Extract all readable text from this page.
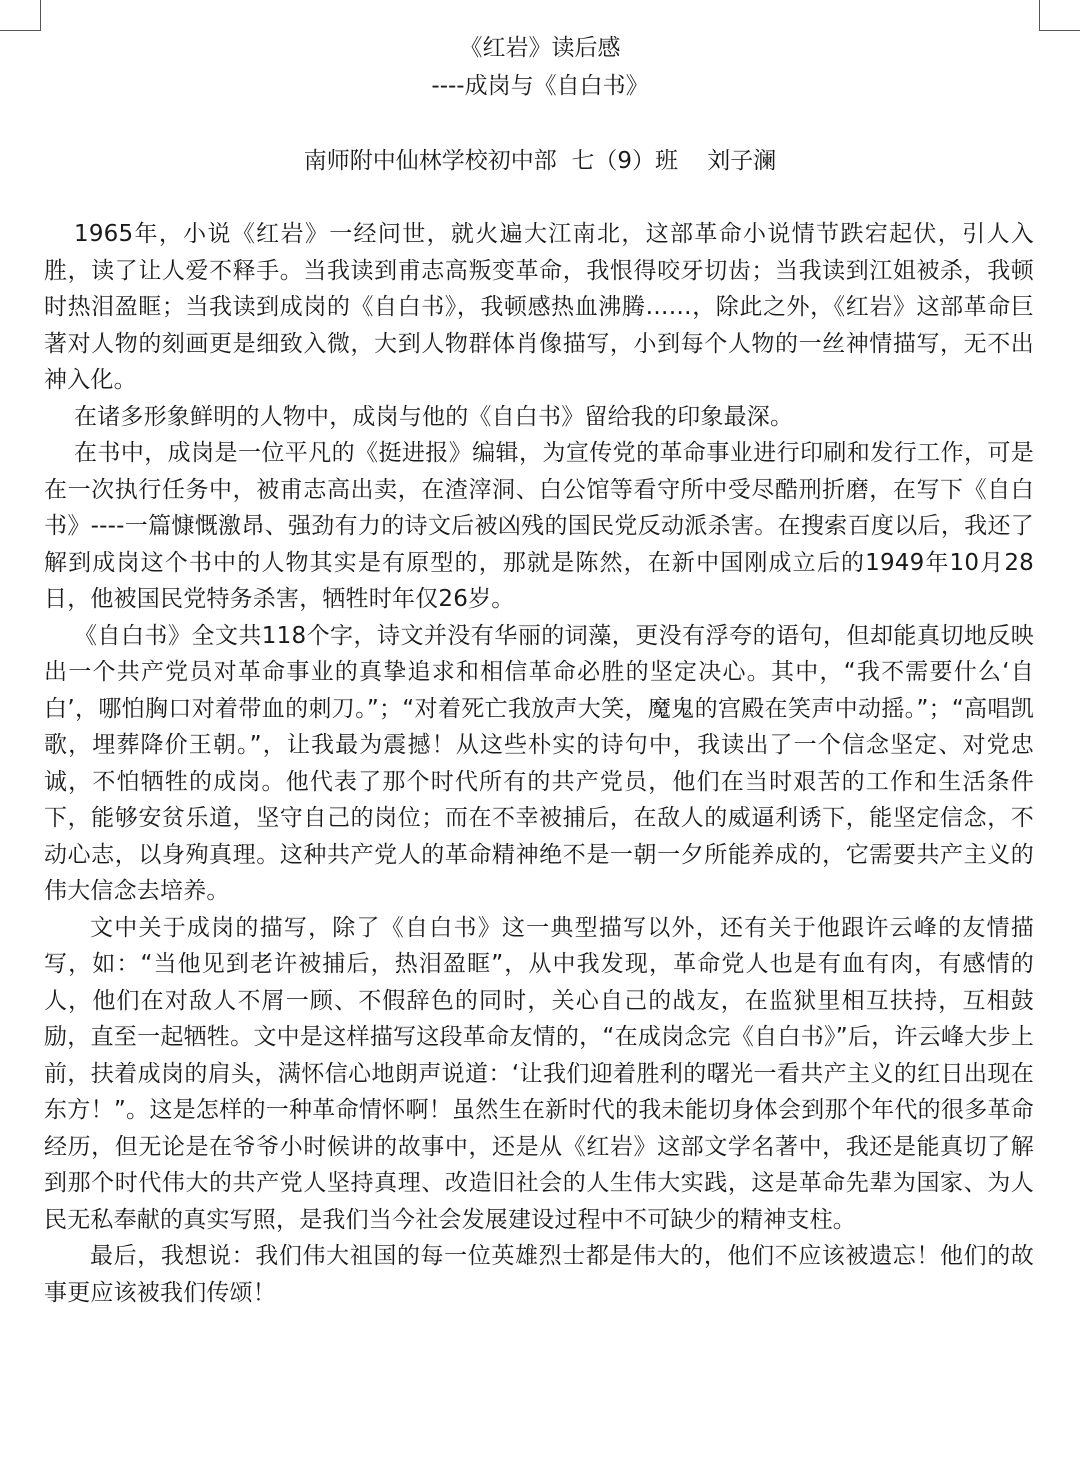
《红岩》读后感
----成岗与《自白书》
南师附中仙林学校初中部  七（9）班    刘子澜

1965年，小说《红岩》一经问世，就火遍大江南北，这部革命小说情节跌宕起伏，引人入胜，读了让人爱不释手。当我读到甫志高叛变革命，我恨得咬牙切齿；当我读到江姐被杀，我顿时热泪盈眶；当我读到成岗的《自白书》，我顿感热血沸腾……，除此之外，《红岩》这部革命巨著对人物的刻画更是细致入微，大到人物群体肖像描写，小到每个人物的一丝神情描写，无不出神入化。

在诸多形象鲜明的人物中，成岗与他的《自白书》留给我的印象最深。

在书中，成岗是一位平凡的《挺进报》编辑，为宣传党的革命事业进行印刷和发行工作，可是在一次执行任务中，被甫志高出卖，在渣滓洞、白公馆等看守所中受尽酷刑折磨，在写下《自白书》----一篇慷慨激昂、强劲有力的诗文后被凶残的国民党反动派杀害。在搜索百度以后，我还了解到成岗这个书中的人物其实是有原型的，那就是陈然，在新中国刚成立后的1949年10月28日，他被国民党特务杀害，牺牲时年仅26岁。

《自白书》全文共118个字，诗文并没有华丽的词藻，更没有浮夸的语句，但却能真切地反映出一个共产党员对革命事业的真挚追求和相信革命必胜的坚定决心。其中，“我不需要什么‘自白’，哪怕胸口对着带血的刺刀。”；“对着死亡我放声大笑，魔鬼的宫殿在笑声中动摇。”；“高唱凯歌，埋葬降价王朝。”，让我最为震撼！从这些朴实的诗句中，我读出了一个信念坚定、对党忠诚，不怕牺牲的成岗。他代表了那个时代所有的共产党员，他们在当时艰苦的工作和生活条件下，能够安贫乐道，坚守自己的岗位；而在不幸被捕后，在敌人的威逼利诱下，能坚定信念，不动心志，以身殉真理。这种共产党人的革命精神绝不是一朝一夕所能养成的，它需要共产主义的伟大信念去培养。

文中关于成岗的描写，除了《自白书》这一典型描写以外，还有关于他跟许云峰的友情描写，如：“当他见到老许被捕后，热泪盈眶”，从中我发现，革命党人也是有血有肉，有感情的人，他们在对敌人不屑一顾、不假辞色的同时，关心自己的战友，在监狱里相互扶持，互相鼓励，直至一起牺牲。文中是这样描写这段革命友情的，“在成岗念完《自白书》”后，许云峰大步上前，扶着成岗的肩头，满怀信心地朗声说道：‘让我们迎着胜利的曙光一看共产主义的红日出现在东方！”。这是怎样的一种革命情怀啊！虽然生在新时代的我未能切身体会到那个年代的很多革命经历，但无论是在爷爷小时候讲的故事中，还是从《红岩》这部文学名著中，我还是能真切了解到那个时代伟大的共产党人坚持真理、改造旧社会的人生伟大实践，这是革命先辈为国家、为人民无私奉献的真实写照，是我们当今社会发展建设过程中不可缺少的精神支柱。

最后，我想说：我们伟大祖国的每一位英雄烈士都是伟大的，他们不应该被遗忘！他们的故事更应该被我们传颂！
